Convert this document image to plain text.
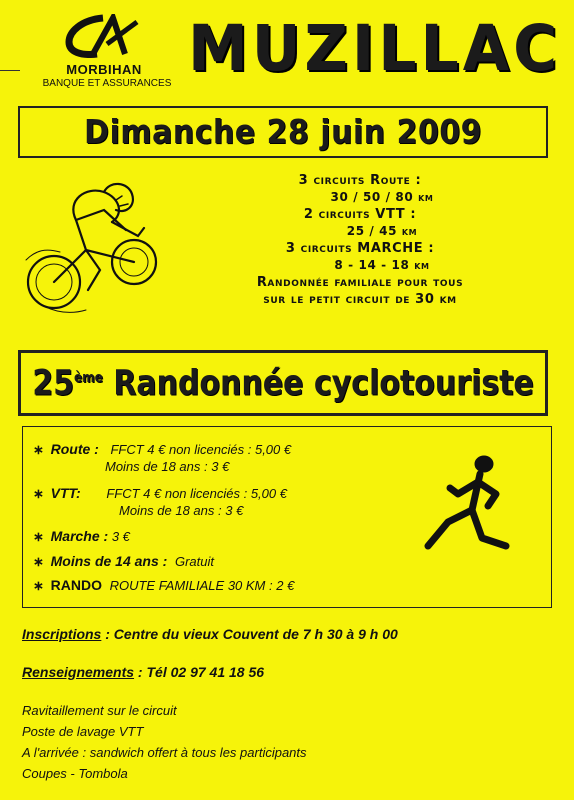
MORBIHAN
BANQUE ET ASSURANCES MUZILLAC
Dimanche 28 juin 2009
3 circuits Route :
30 / 50 / 80 km
2 circuits VTT :
25 / 45 km
3 circuits MARCHE :
8 - 14 - 18 km
Randonnée familiale pour tous
sur le petit circuit de 30 km
25ème Randonnée cyclotouriste
∗ Route : FFCT 4 € non licenciés : 5,00 €
Moins de 18 ans : 3 €
∗ VTT: FFCT 4 € non licenciés : 5,00 €
Moins de 18 ans : 3 €
∗ Marche : 3 €
∗ Moins de 14 ans : Gratuit
∗ RANDO ROUTE FAMILIALE 30 KM : 2 €
Inscriptions : Centre du vieux Couvent de 7 h 30 à 9 h 00
Renseignements : Tél 02 97 41 18 56
Ravitaillement sur le circuit
Poste de lavage VTT
A l'arrivée : sandwich offert à tous les participants
Coupes - Tombola
